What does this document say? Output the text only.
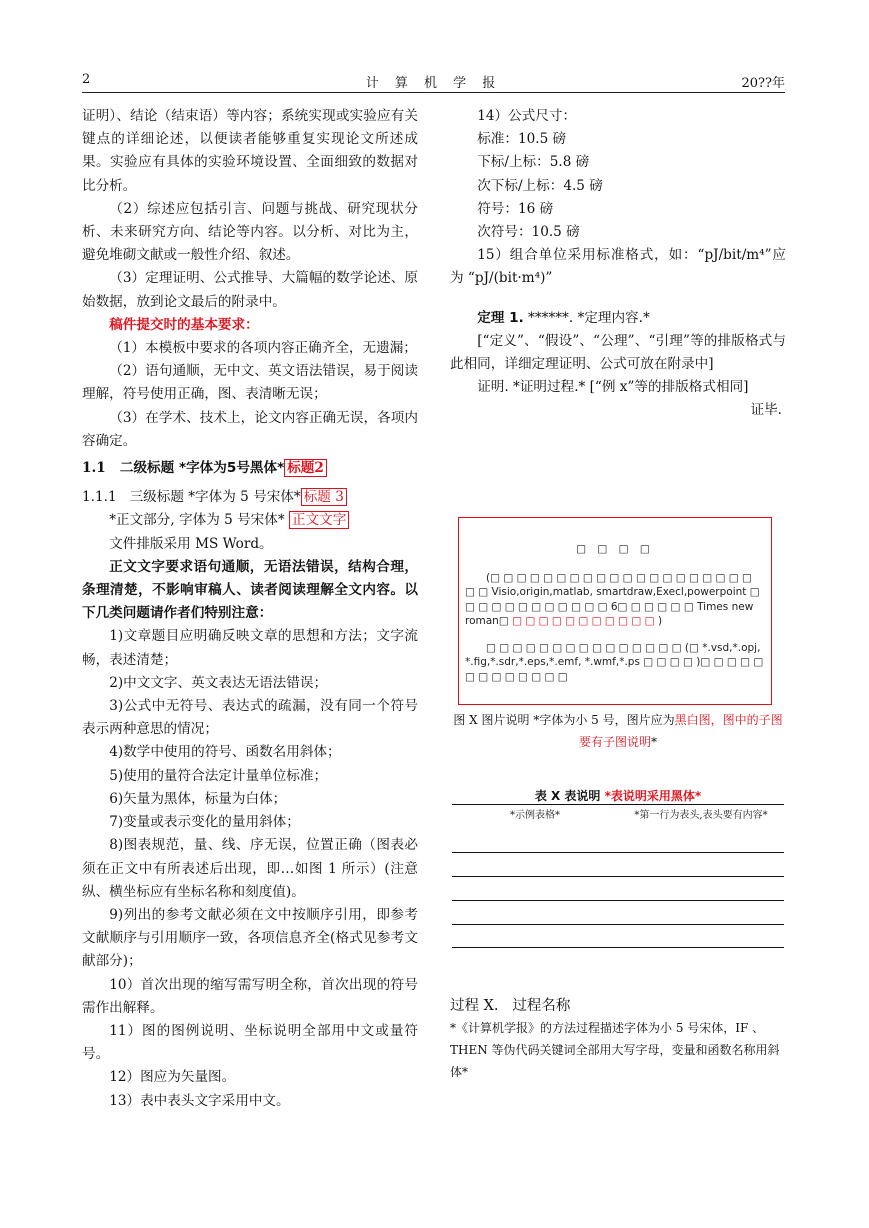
2	计 算 机 学 报	20??年

证明）、结论（结束语）等内容；系统实现或实验应有关键点的详细论述，以便读者能够重复实现论文所述成果。实验应有具体的实验环境设置、全面细致的数据对比分析。

（2）综述应包括引言、问题与挑战、研究现状分析、未来研究方向、结论等内容。以分析、对比为主，避免堆砌文献或一般性介绍、叙述。

（3）定理证明、公式推导、大篇幅的数学论述、原始数据，放到论文最后的附录中。

稿件提交时的基本要求：

（1）本模板中要求的各项内容正确齐全，无遗漏；

（2）语句通顺，无中文、英文语法错误，易于阅读理解，符号使用正确，图、表清晰无误；

（3）在学术、技术上，论文内容正确无误，各项内容确定。

1.1 二级标题 *字体为5号黑体* 标题2

1.1.1 三级标题 *字体为 5 号宋体* 标题 3

*正文部分, 字体为 5 号宋体* 正文文字

文件排版采用 MS Word。

正文文字要求语句通顺，无语法错误，结构合理，条理清楚，不影响审稿人、读者阅读理解全文内容。以下几类问题请作者们特别注意：

1)文章题目应明确反映文章的思想和方法；文字流畅，表述清楚；

2)中文文字、英文表达无语法错误；

3)公式中无符号、表达式的疏漏，没有同一个符号表示两种意思的情况；

4)数学中使用的符号、函数名用斜体；

5)使用的量符合法定计量单位标准；

6)矢量为黑体，标量为白体；

7)变量或表示变化的量用斜体；

8)图表规范，量、线、序无误，位置正确（图表必须在正文中有所表述后出现，即…如图 1 所示）(注意纵、横坐标应有坐标名称和刻度值)。

9)列出的参考文献必须在文中按顺序引用，即参考文献顺序与引用顺序一致，各项信息齐全(格式见参考文献部分)；

10）首次出现的缩写需写明全称，首次出现的符号需作出解释。

11）图的图例说明、坐标说明全部用中文或量符号。

12）图应为矢量图。

13）表中表头文字采用中文。

14）公式尺寸：

标准：10.5 磅

下标/上标：5.8 磅

次下标/上标：4.5 磅

符号：16 磅

次符号：10.5 磅

15）组合单位采用标准格式，如：“pJ/bit/m⁴”应为 “pJ/(bit·m⁴)”

定理 1. ******. *定理内容.*

[“定义”、“假设”、“公理”、“引理”等的排版格式与此相同，详细定理证明、公式可放在附录中]

证明. *证明过程.* [“例 x”等的排版格式相同]

证毕.

□ □ □ □
(□ □ □ □ □ □ □ □ □ □ □ □ □ □ □ □ □ □ □ □ □ □ Visio,origin,matlab, smartdraw,Execl,powerpoint □ □ □ □ □ □ □ □ □ □ □ □ 6□ □ □ □ □ □ Times new roman□ □ □ □ □ □ □ □ □ □ □ □ )
□ □ □ □ □ □ □ □ □ □ □ □ □ □ □ (□ *.vsd,*.opj, *.fig,*.sdr,*.eps,*.emf, *.wmf,*.ps □ □ □ □ )□ □ □ □ □ □ □ □ □ □ □ □ □
图 X 图片说明 *字体为小 5 号，图片应为黑白图，图中的子图要有子图说明*
表 X 表说明 *表说明采用黑体*
*示例表格*	*第一行为表头,表头要有内容*
过程 X. 过程名称
*《计算机学报》的方法过程描述字体为小 5 号宋体，IF 、THEN 等伪代码关键词全部用大写字母，变量和函数名称用斜体*
